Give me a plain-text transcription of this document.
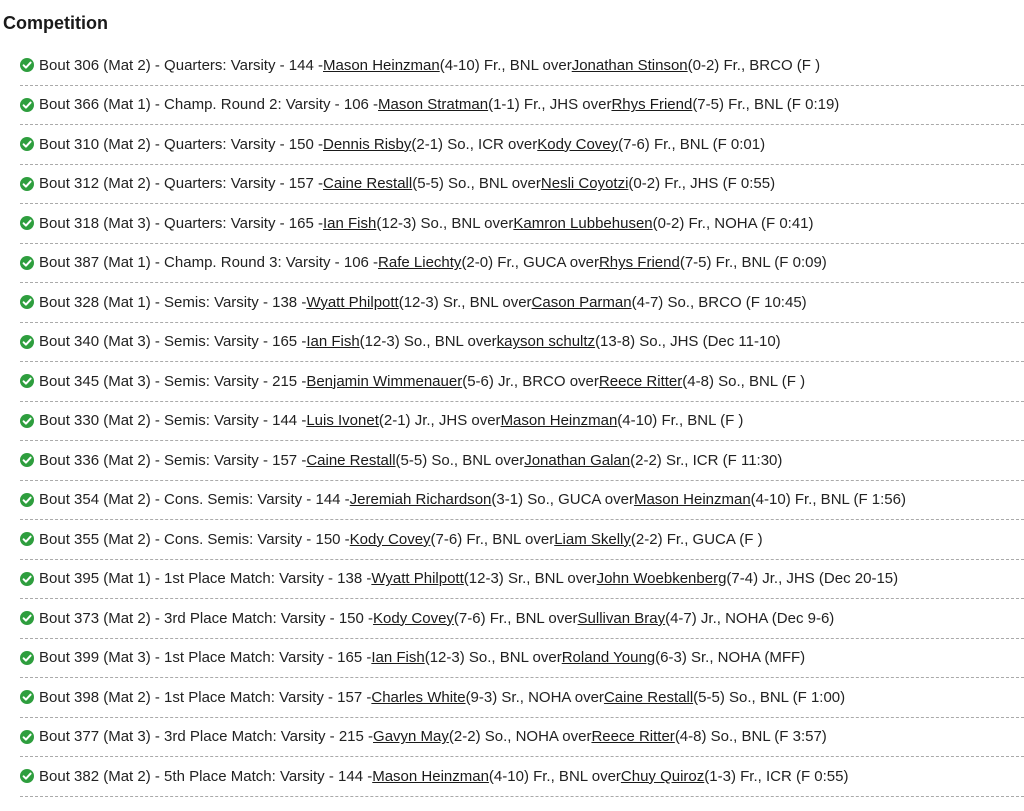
Competition
Bout 306 (Mat 2) - Quarters: Varsity - 144 - Mason Heinzman (4-10) Fr., BNL over Jonathan Stinson (0-2) Fr., BRCO (F )
Bout 366 (Mat 1) - Champ. Round 2: Varsity - 106 - Mason Stratman (1-1) Fr., JHS over Rhys Friend (7-5) Fr., BNL (F 0:19)
Bout 310 (Mat 2) - Quarters: Varsity - 150 - Dennis Risby (2-1) So., ICR over Kody Covey (7-6) Fr., BNL (F 0:01)
Bout 312 (Mat 2) - Quarters: Varsity - 157 - Caine Restall (5-5) So., BNL over Nesli Coyotzi (0-2) Fr., JHS (F 0:55)
Bout 318 (Mat 3) - Quarters: Varsity - 165 - Ian Fish (12-3) So., BNL over Kamron Lubbehusen (0-2) Fr., NOHA (F 0:41)
Bout 387 (Mat 1) - Champ. Round 3: Varsity - 106 - Rafe Liechty (2-0) Fr., GUCA over Rhys Friend (7-5) Fr., BNL (F 0:09)
Bout 328 (Mat 1) - Semis: Varsity - 138 - Wyatt Philpott (12-3) Sr., BNL over Cason Parman (4-7) So., BRCO (F 10:45)
Bout 340 (Mat 3) - Semis: Varsity - 165 - Ian Fish (12-3) So., BNL over kayson schultz (13-8) So., JHS (Dec 11-10)
Bout 345 (Mat 3) - Semis: Varsity - 215 - Benjamin Wimmenauer (5-6) Jr., BRCO over Reece Ritter (4-8) So., BNL (F )
Bout 330 (Mat 2) - Semis: Varsity - 144 - Luis Ivonet (2-1) Jr., JHS over Mason Heinzman (4-10) Fr., BNL (F )
Bout 336 (Mat 2) - Semis: Varsity - 157 - Caine Restall (5-5) So., BNL over Jonathan Galan (2-2) Sr., ICR (F 11:30)
Bout 354 (Mat 2) - Cons. Semis: Varsity - 144 - Jeremiah Richardson (3-1) So., GUCA over Mason Heinzman (4-10) Fr., BNL (F 1:56)
Bout 355 (Mat 2) - Cons. Semis: Varsity - 150 - Kody Covey (7-6) Fr., BNL over Liam Skelly (2-2) Fr., GUCA (F )
Bout 395 (Mat 1) - 1st Place Match: Varsity - 138 - Wyatt Philpott (12-3) Sr., BNL over John Woebkenberg (7-4) Jr., JHS (Dec 20-15)
Bout 373 (Mat 2) - 3rd Place Match: Varsity - 150 - Kody Covey (7-6) Fr., BNL over Sullivan Bray (4-7) Jr., NOHA (Dec 9-6)
Bout 399 (Mat 3) - 1st Place Match: Varsity - 165 - Ian Fish (12-3) So., BNL over Roland Young (6-3) Sr., NOHA (MFF)
Bout 398 (Mat 2) - 1st Place Match: Varsity - 157 - Charles White (9-3) Sr., NOHA over Caine Restall (5-5) So., BNL (F 1:00)
Bout 377 (Mat 3) - 3rd Place Match: Varsity - 215 - Gavyn May (2-2) So., NOHA over Reece Ritter (4-8) So., BNL (F 3:57)
Bout 382 (Mat 2) - 5th Place Match: Varsity - 144 - Mason Heinzman (4-10) Fr., BNL over Chuy Quiroz (1-3) Fr., ICR (F 0:55)
